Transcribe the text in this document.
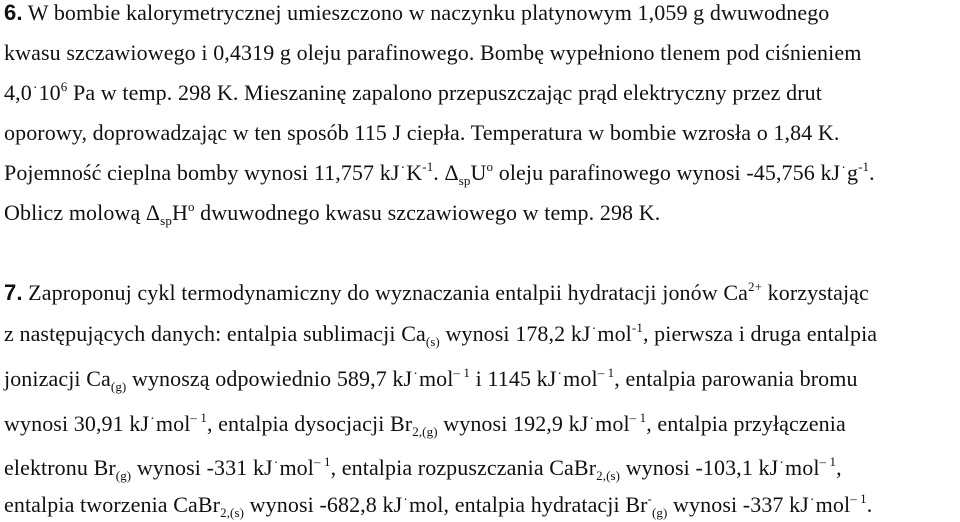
6. W bombie kalorymetrycznej umieszczono w naczynku platynowym 1,059 g dwuwodnego
kwasu szczawiowego i 0,4319 g oleju parafinowego. Bombę wypełniono tlenem pod ciśnieniem
$4,0^\cdot 10^6$ Pa w temp. 298 K. Mieszaninę zapalono przepuszczając prąd elektryczny przez drut
oporowy, doprowadzając w ten sposób 115 J ciepła. Temperatura w bombie wzrosła o 1,84 K.
Pojemność cieplna bomby wynosi 11,757 $kJ^\cdot K^{-1}$. $\Delta_{sp}U^o$ oleju parafinowego wynosi -45,756 $kJ^\cdot g^{-1}$.
Oblicz molową $\Delta_{sp}H^o$ dwuwodnego kwasu szczawiowego w temp. 298 K.
7. Zaproponuj cykl termodynamiczny do wyznaczania entalpii hydratacji jonów $Ca^{2+}$ korzystając
z następujących danych: entalpia sublimacji $Ca_{(s)}$ wynosi 178,2 kJ·mol$^{-1}$, pierwsza i druga entalpia
jonizacji $Ca_{(g)}$ wynoszą odpowiednio 589,7 kJ·mol$^{- 1}$ i 1145 kJ·mol$^{- 1}$, entalpia parowania bromu
wynosi 30,91 kJ·mol$^{- 1}$, entalpia dysocjacji $Br_{2,(g)}$ wynosi 192,9 kJ·mol$^{- 1}$, entalpia przyłączenia
elektronu $Br_{(g)}$ wynosi -331 kJ·mol$^{- 1}$, entalpia rozpuszczania CaBr$_{2,(s)}$ wynosi -103,1 kJ·mol$^{- 1}$,
entalpia tworzenia CaBr$_{2,(s)}$ wynosi -682,8 kJ·mol, entalpia hydratacji $Br^-_{(g)}$ wynosi -337 kJ·mol$^{- 1}$.
